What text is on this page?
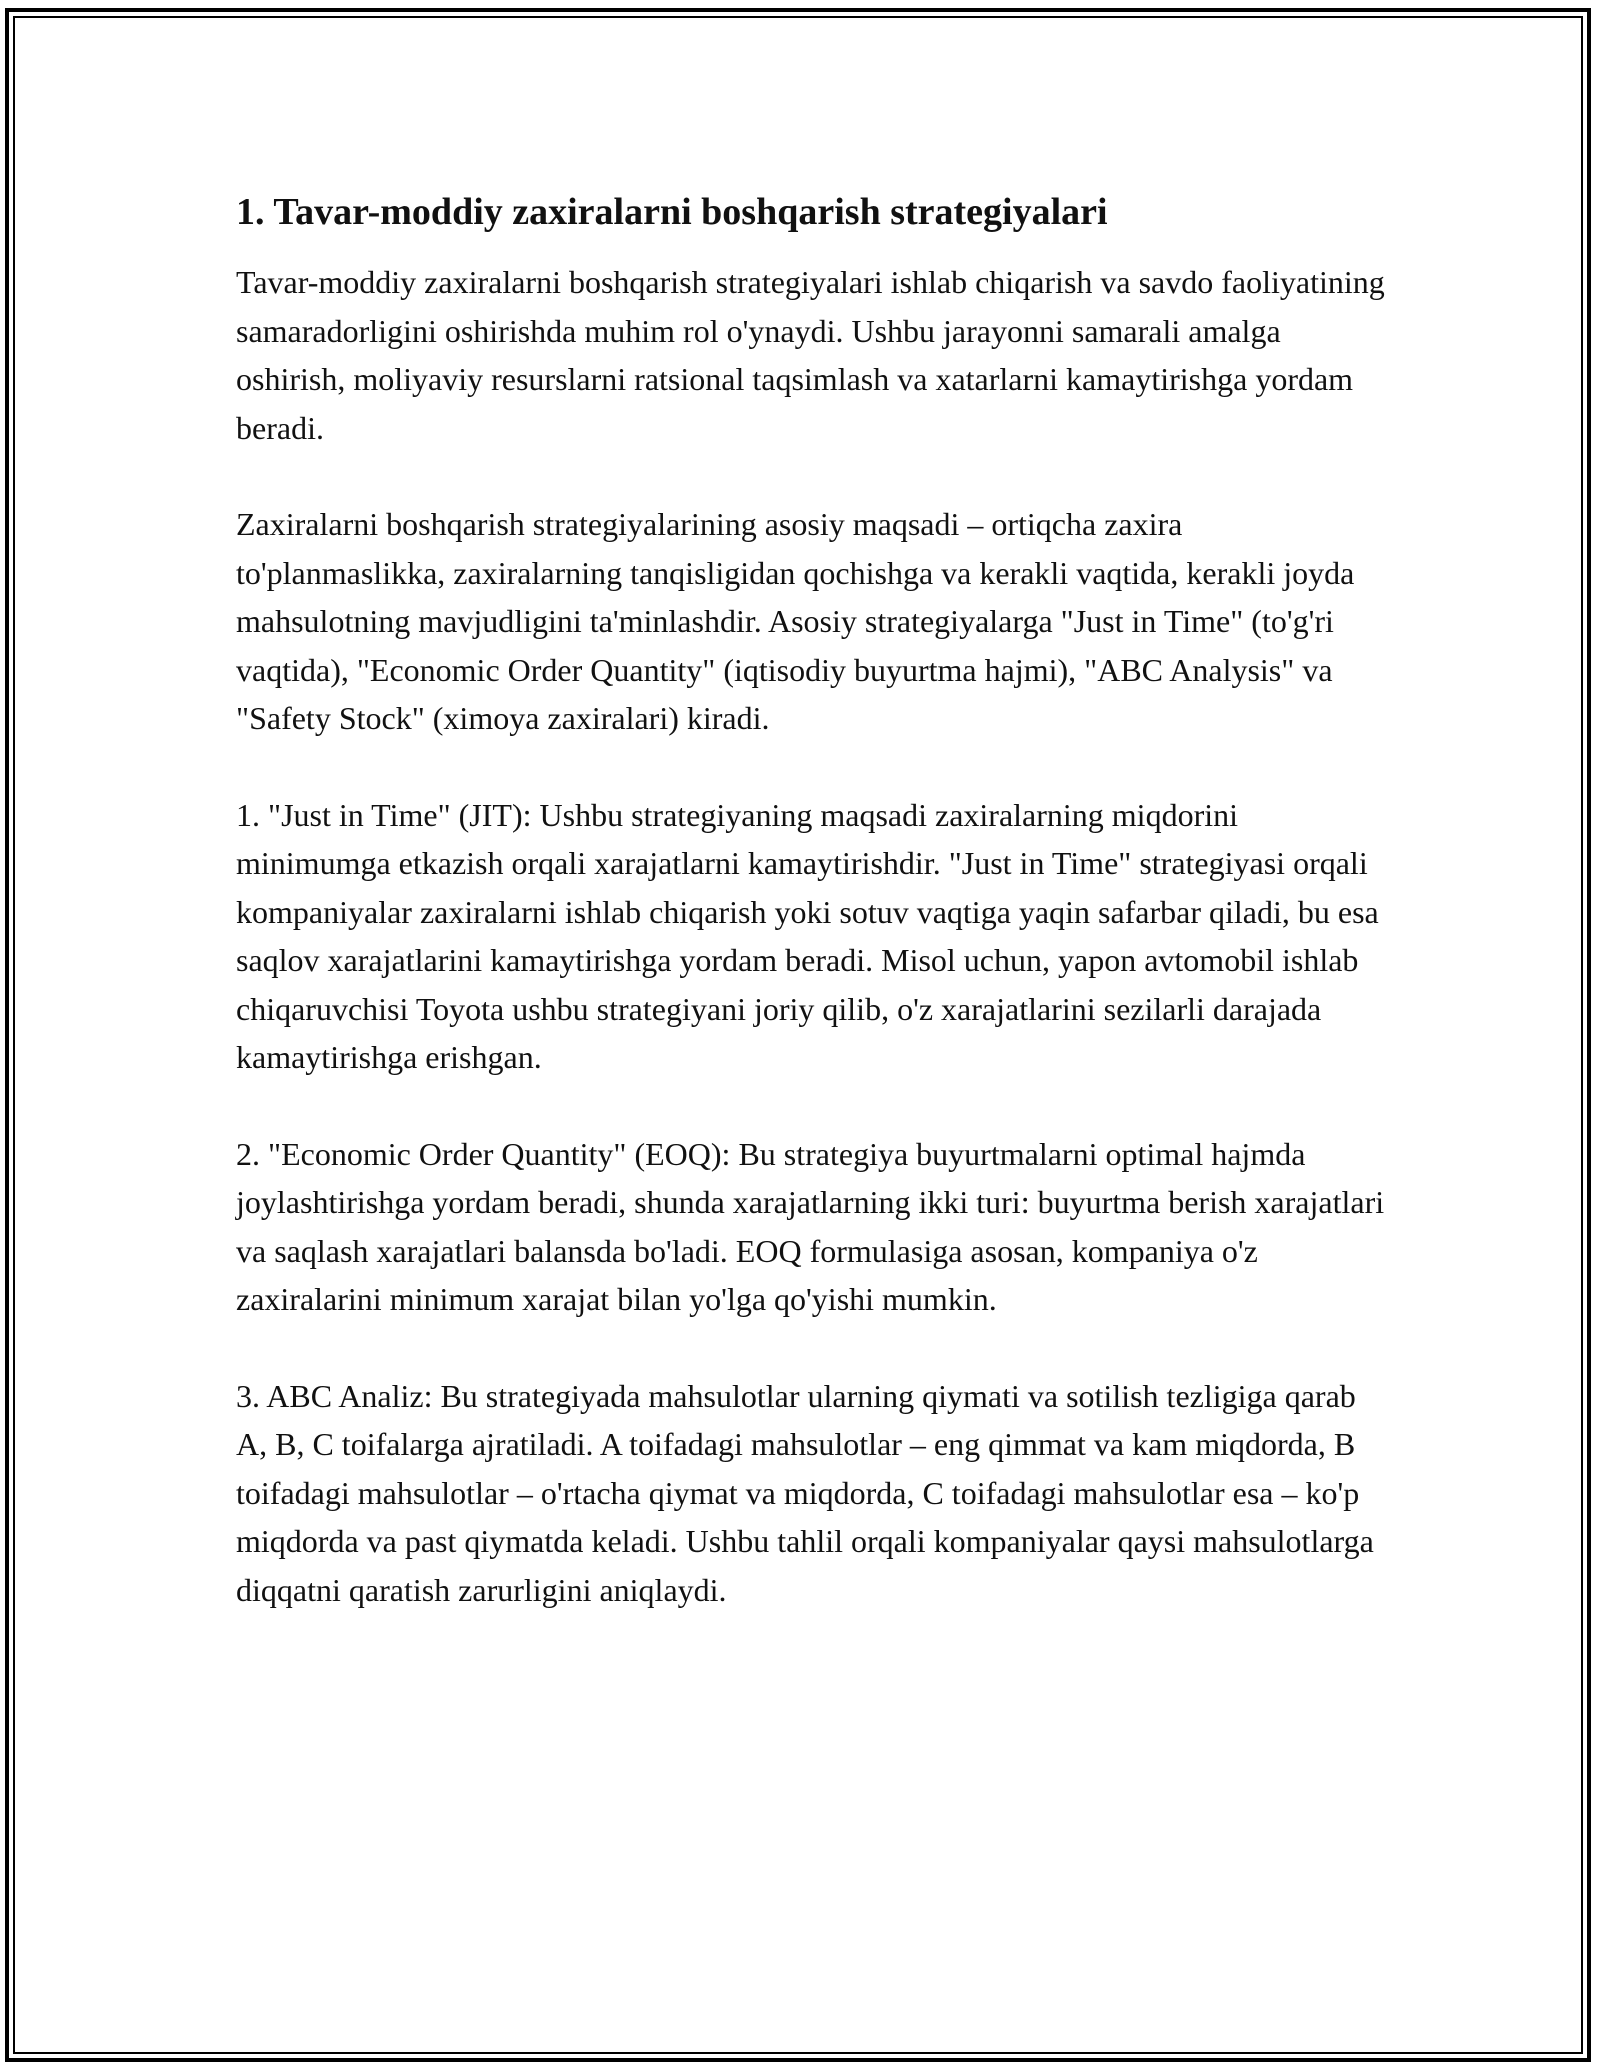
1. Tavar-moddiy zaxiralarni boshqarish strategiyalari

Tavar-moddiy zaxiralarni boshqarish strategiyalari ishlab chiqarish va savdo faoliyatining samaradorligini oshirishda muhim rol o'ynaydi. Ushbu jarayonni samarali amalga oshirish, moliyaviy resurslarni ratsional taqsimlash va xatarlarni kamaytirishga yordam beradi.

Zaxiralarni boshqarish strategiyalarining asosiy maqsadi – ortiqcha zaxira to'planmaslikka, zaxiralarning tanqisligidan qochishga va kerakli vaqtida, kerakli joyda mahsulotning mavjudligini ta'minlashdir. Asosiy strategiyalarga "Just in Time" (to'g'ri vaqtida), "Economic Order Quantity" (iqtisodiy buyurtma hajmi), "ABC Analysis" va "Safety Stock" (ximoya zaxiralari) kiradi.

1. "Just in Time" (JIT): Ushbu strategiyaning maqsadi zaxiralarning miqdorini minimumga etkazish orqali xarajatlarni kamaytirishdir. "Just in Time" strategiyasi orqali kompaniyalar zaxiralarni ishlab chiqarish yoki sotuv vaqtiga yaqin safarbar qiladi, bu esa saqlov xarajatlarini kamaytirishga yordam beradi. Misol uchun, yapon avtomobil ishlab chiqaruvchisi Toyota ushbu strategiyani joriy qilib, o'z xarajatlarini sezilarli darajada kamaytirishga erishgan.

2. "Economic Order Quantity" (EOQ): Bu strategiya buyurtmalarni optimal hajmda joylashtirishga yordam beradi, shunda xarajatlarning ikki turi: buyurtma berish xarajatlari va saqlash xarajatlari balansda bo'ladi. EOQ formulasiga asosan, kompaniya o'z zaxiralarini minimum xarajat bilan yo'lga qo'yishi mumkin.

3. ABC Analiz: Bu strategiyada mahsulotlar ularning qiymati va sotilish tezligiga qarab A, B, C toifalarga ajratiladi. A toifadagi mahsulotlar – eng qimmat va kam miqdorda, B toifadagi mahsulotlar – o'rtacha qiymat va miqdorda, C toifadagi mahsulotlar esa – ko'p miqdorda va past qiymatda keladi. Ushbu tahlil orqali kompaniyalar qaysi mahsulotlarga diqqatni qaratish zarurligini aniqlaydi.
